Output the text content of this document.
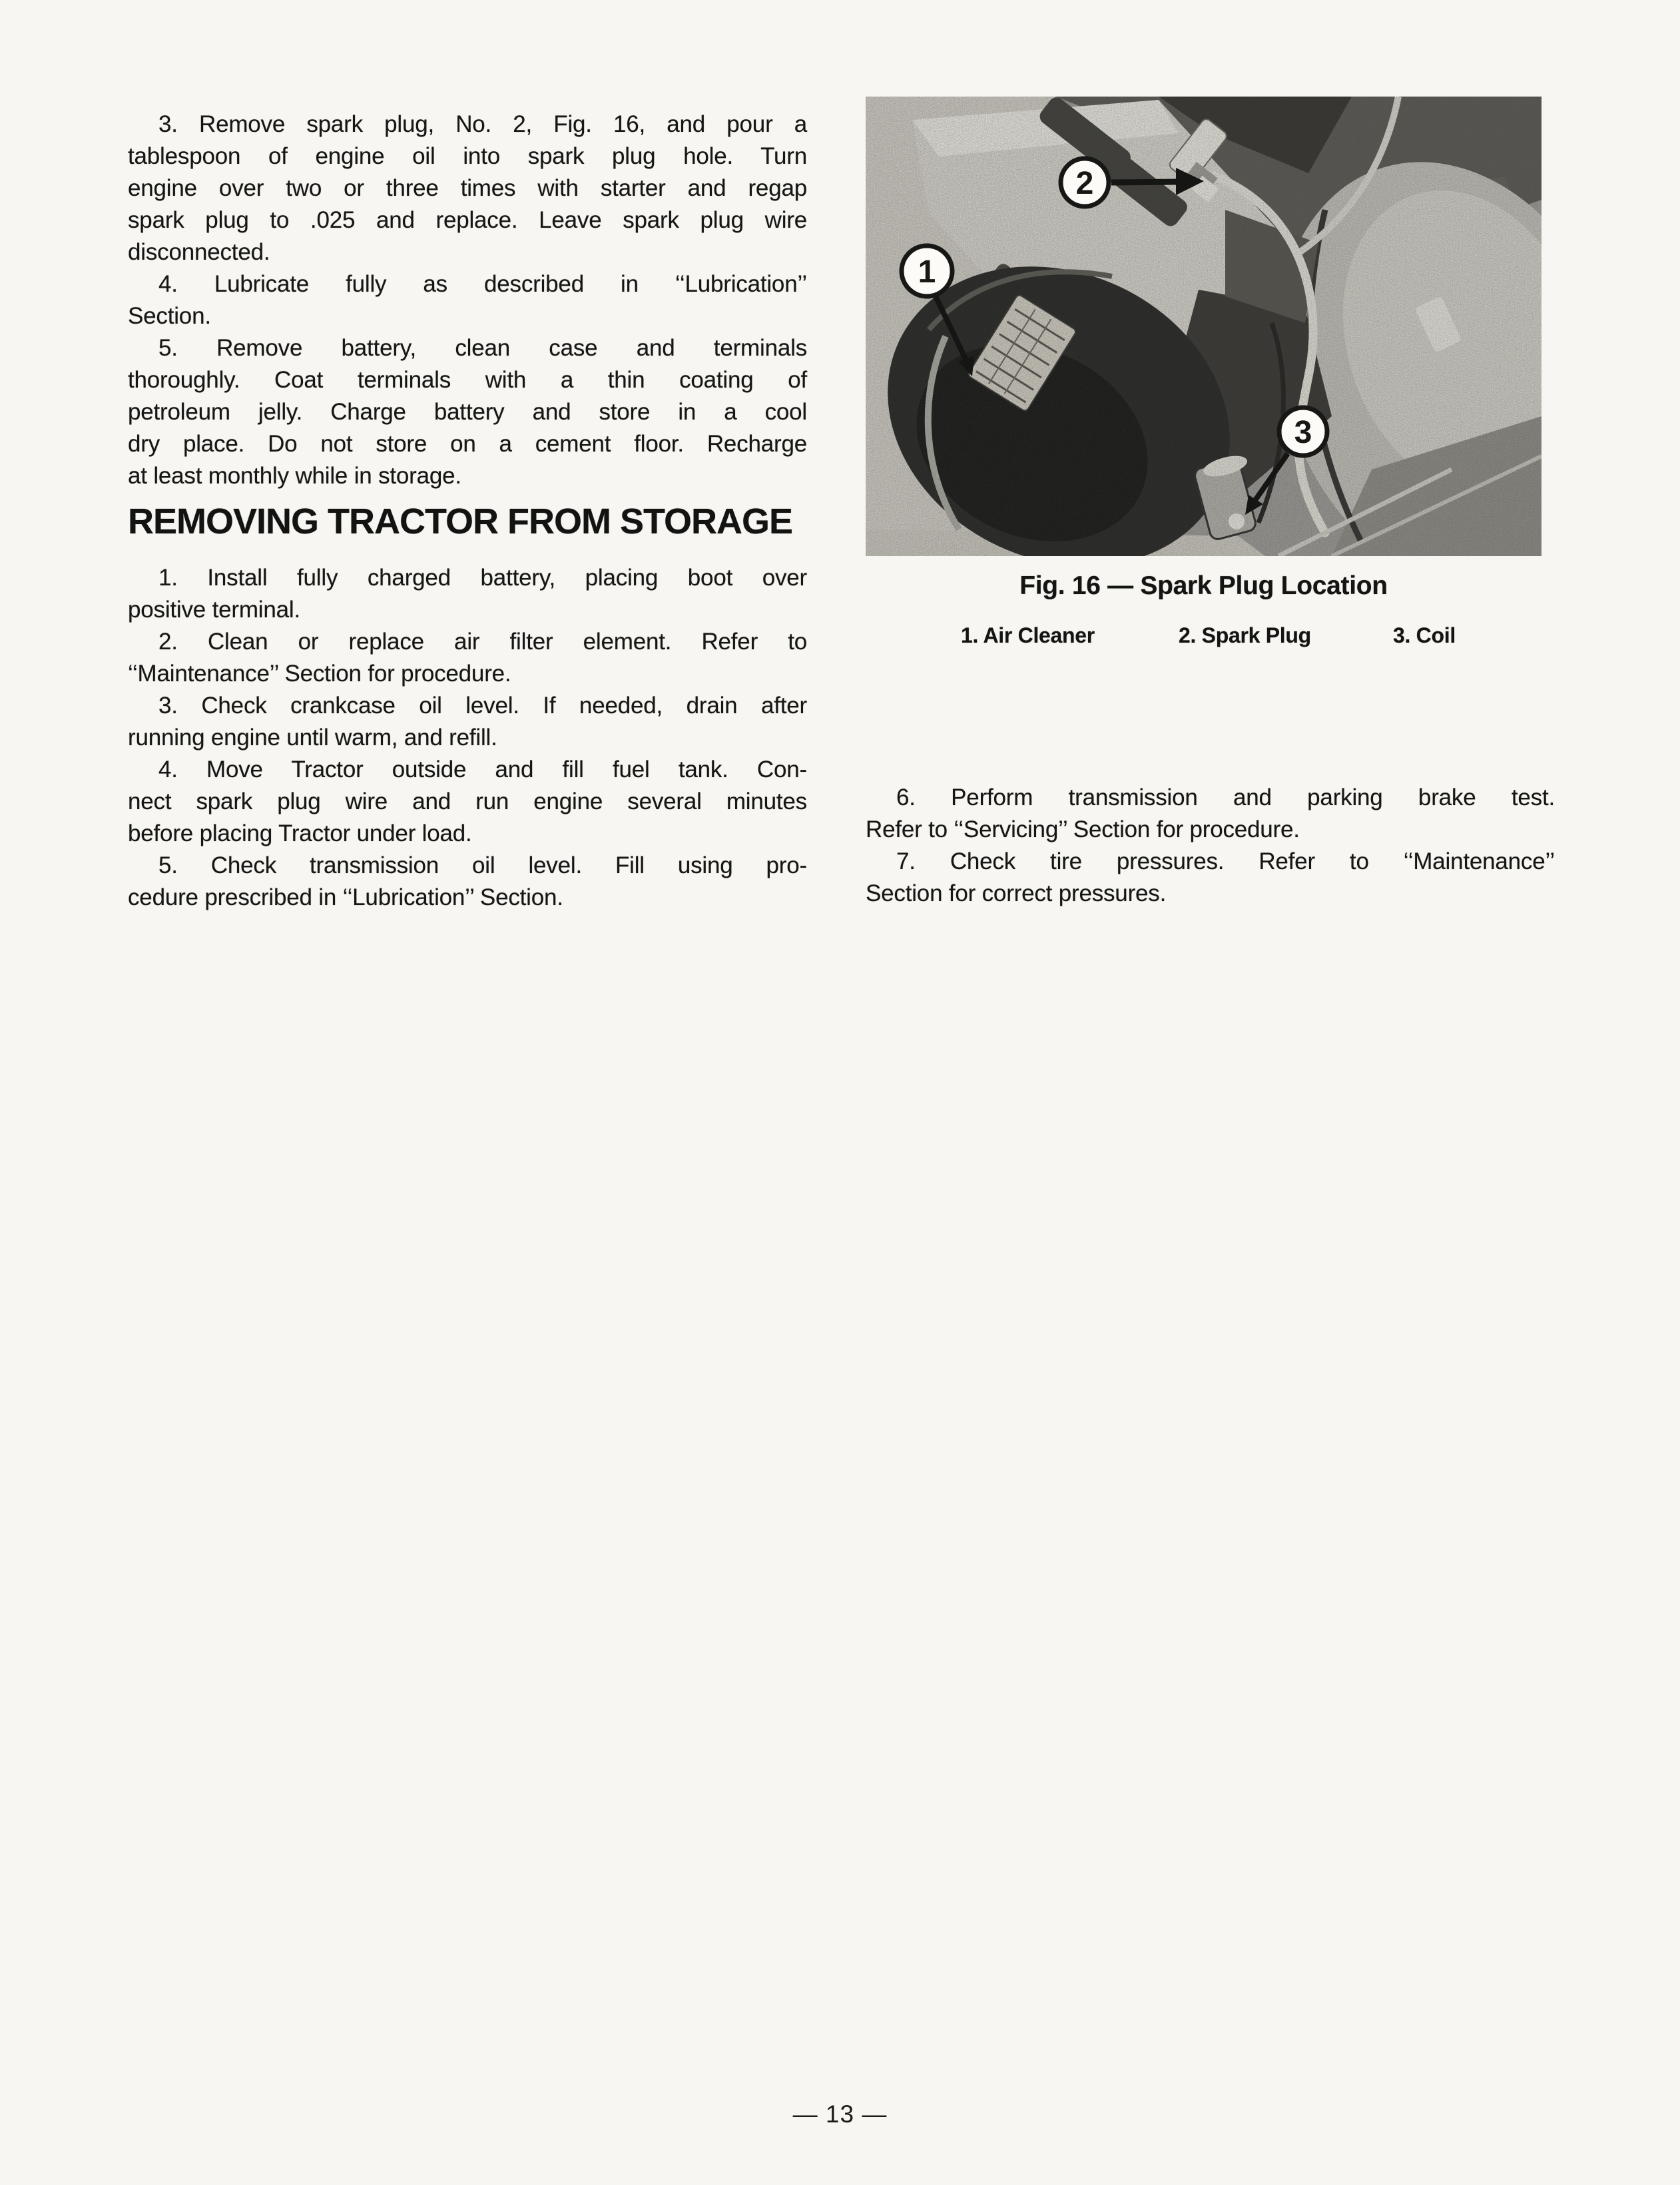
3. Remove spark plug, No. 2, Fig. 16, and pour a
tablespoon of engine oil into spark plug hole. Turn
engine over two or three times with starter and regap
spark plug to .025 and replace. Leave spark plug wire
disconnected.
4. Lubricate fully as described in ‘‘Lubrication’’
Section.
5. Remove battery, clean case and terminals
thoroughly. Coat terminals with a thin coating of
petroleum jelly. Charge battery and store in a cool
dry place. Do not store on a cement floor. Recharge
at least monthly while in storage.
REMOVING TRACTOR FROM STORAGE
1. Install fully charged battery, placing boot over
positive terminal.
2. Clean or replace air filter element. Refer to
‘‘Maintenance’’ Section for procedure.
3. Check crankcase oil level. If needed, drain after
running engine until warm, and refill.
4. Move Tractor outside and fill fuel tank. Con-
nect spark plug wire and run engine several minutes
before placing Tractor under load.
5. Check transmission oil level. Fill using pro-
cedure prescribed in ‘‘Lubrication’’ Section.
1
2
3
Fig. 16 — Spark Plug Location
1. Air Cleaner	2. Spark Plug	3. Coil
6. Perform transmission and parking brake test.
Refer to ‘‘Servicing’’ Section for procedure.
7. Check tire pressures. Refer to ‘‘Maintenance’’
Section for correct pressures.
— 13 —
